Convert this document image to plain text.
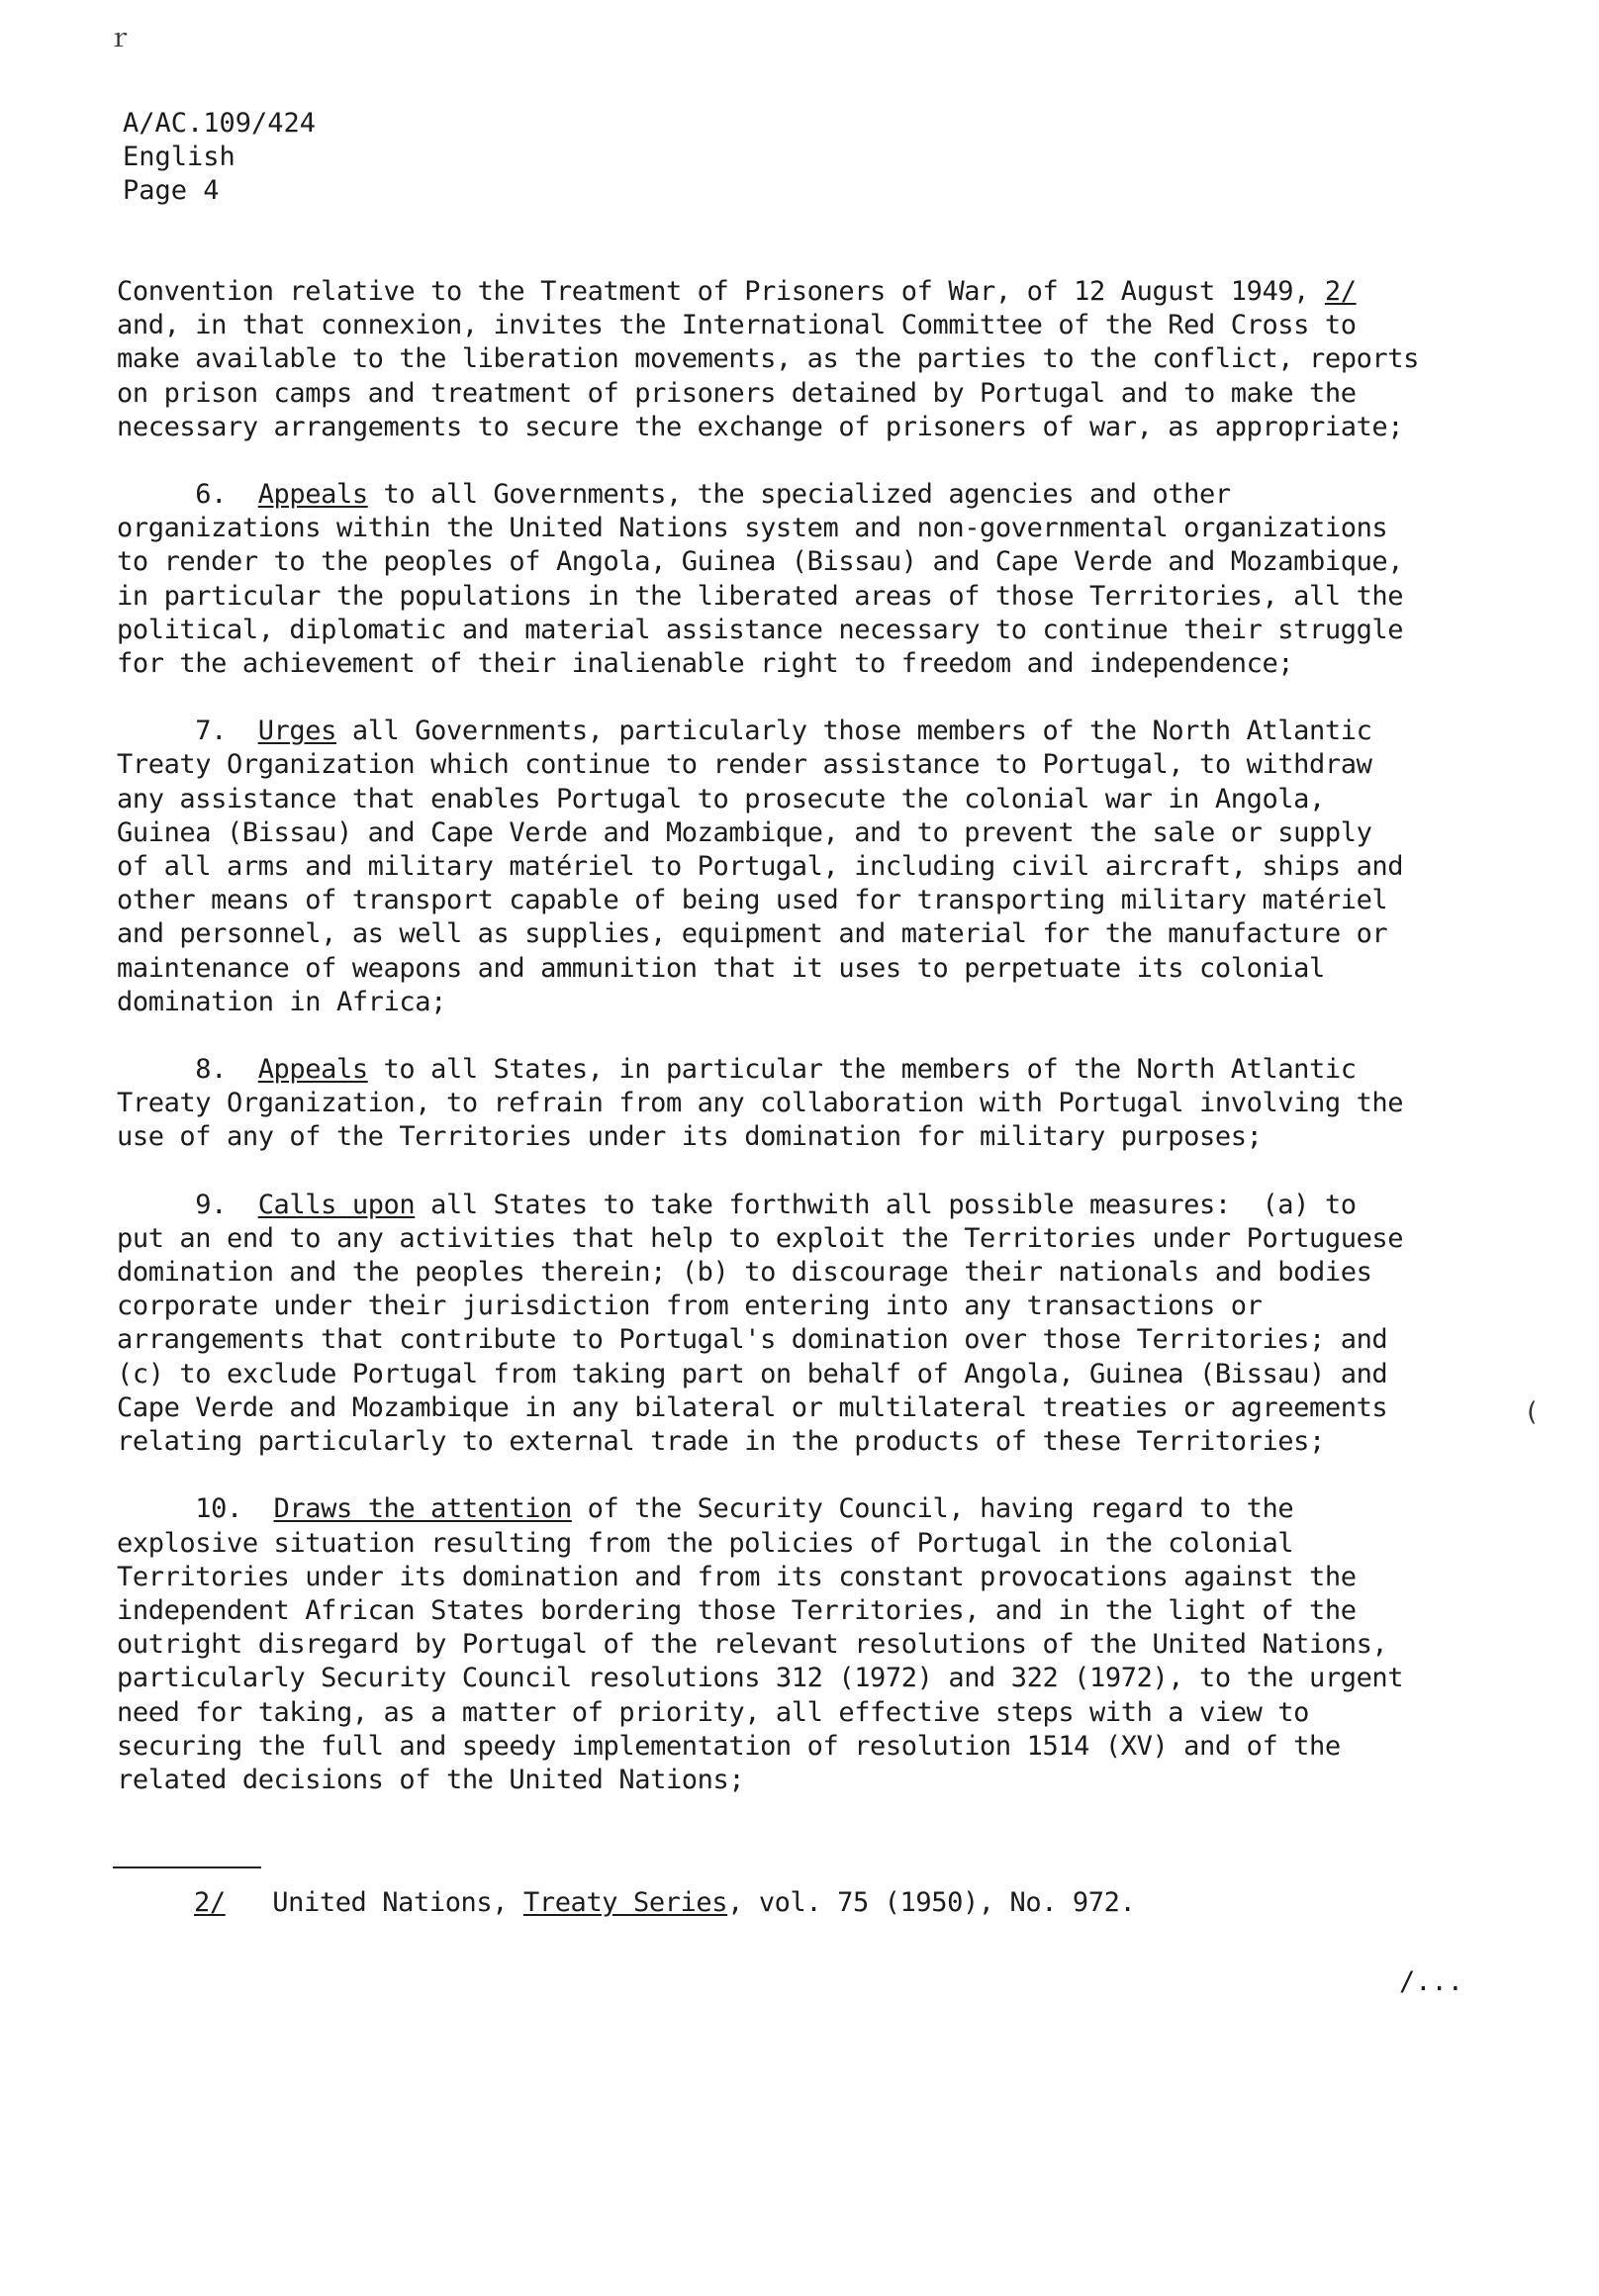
A/AC.109/424
English
Page 4
Convention relative to the Treatment of Prisoners of War, of 12 August 1949, 2/
and, in that connexion, invites the International Committee of the Red Cross to
make available to the liberation movements, as the parties to the conflict, reports
on prison camps and treatment of prisoners detained by Portugal and to make the
necessary arrangements to secure the exchange of prisoners of war, as appropriate;
6.  Appeals to all Governments, the specialized agencies and other
organizations within the United Nations system and non-governmental organizations
to render to the peoples of Angola, Guinea (Bissau) and Cape Verde and Mozambique,
in particular the populations in the liberated areas of those Territories, all the
political, diplomatic and material assistance necessary to continue their struggle
for the achievement of their inalienable right to freedom and independence;
7.  Urges all Governments, particularly those members of the North Atlantic
Treaty Organization which continue to render assistance to Portugal, to withdraw
any assistance that enables Portugal to prosecute the colonial war in Angola,
Guinea (Bissau) and Cape Verde and Mozambique, and to prevent the sale or supply
of all arms and military matériel to Portugal, including civil aircraft, ships and
other means of transport capable of being used for transporting military matériel
and personnel, as well as supplies, equipment and material for the manufacture or
maintenance of weapons and ammunition that it uses to perpetuate its colonial
domination in Africa;
8.  Appeals to all States, in particular the members of the North Atlantic
Treaty Organization, to refrain from any collaboration with Portugal involving the
use of any of the Territories under its domination for military purposes;
9.  Calls upon all States to take forthwith all possible measures:  (a) to
put an end to any activities that help to exploit the Territories under Portuguese
domination and the peoples therein; (b) to discourage their nationals and bodies
corporate under their jurisdiction from entering into any transactions or
arrangements that contribute to Portugal's domination over those Territories; and
(c) to exclude Portugal from taking part on behalf of Angola, Guinea (Bissau) and
Cape Verde and Mozambique in any bilateral or multilateral treaties or agreements
relating particularly to external trade in the products of these Territories;
10.  Draws the attention of the Security Council, having regard to the
explosive situation resulting from the policies of Portugal in the colonial
Territories under its domination and from its constant provocations against the
independent African States bordering those Territories, and in the light of the
outright disregard by Portugal of the relevant resolutions of the United Nations,
particularly Security Council resolutions 312 (1972) and 322 (1972), to the urgent
need for taking, as a matter of priority, all effective steps with a view to
securing the full and speedy implementation of resolution 1514 (XV) and of the
related decisions of the United Nations;
2/   United Nations, Treaty Series, vol. 75 (1950), No. 972.
/...
ｒ
(
